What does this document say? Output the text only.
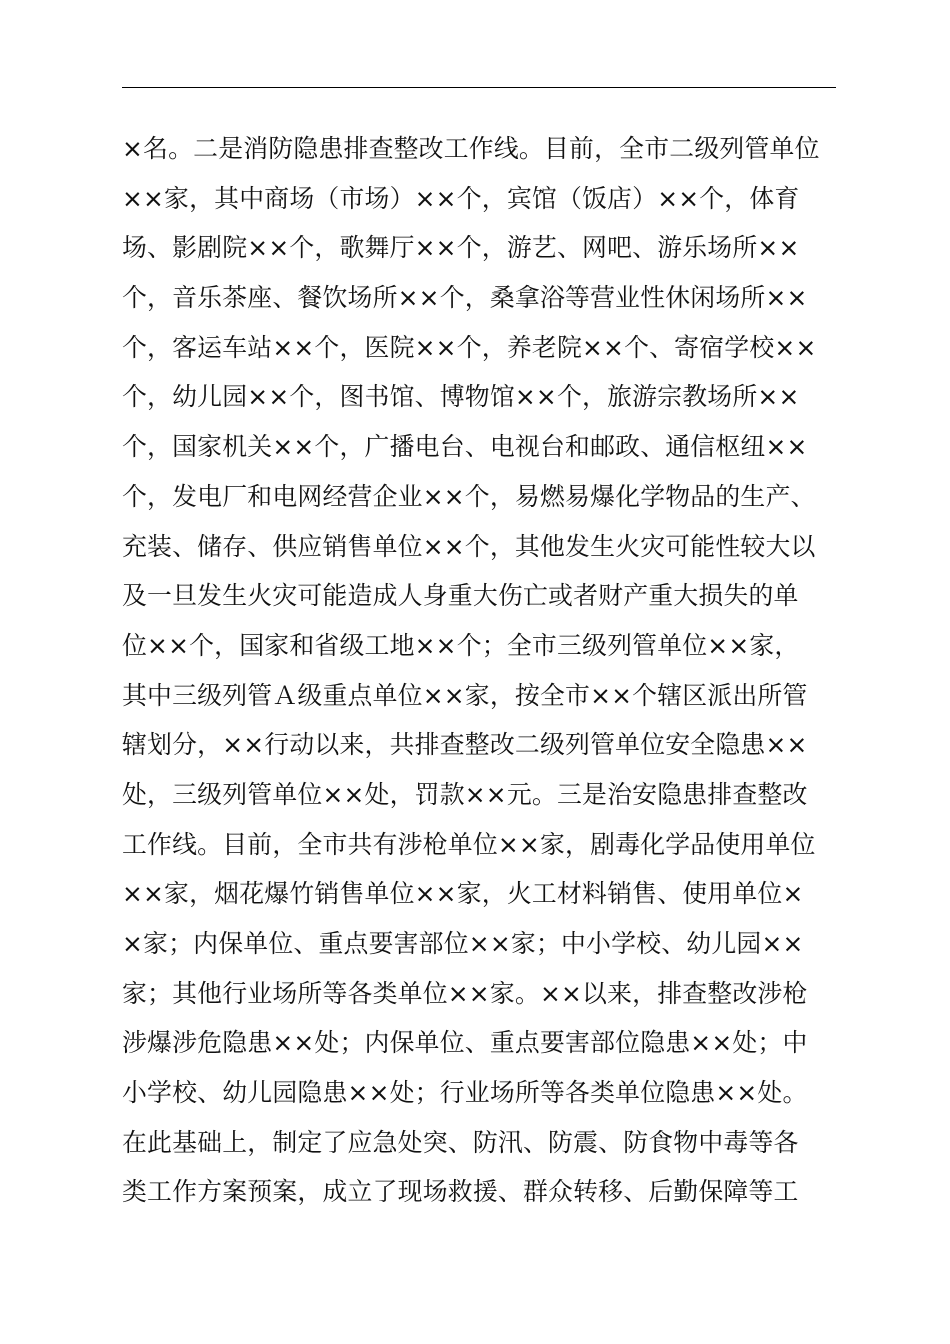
×名。二是消防隐患排查整改工作线。目前，全市二级列管单位
××家，其中商场（市场）××个，宾馆（饭店）××个，体育
场、影剧院××个，歌舞厅××个，游艺、网吧、游乐场所××
个，音乐茶座、餐饮场所××个，桑拿浴等营业性休闲场所××
个，客运车站××个，医院××个，养老院××个、寄宿学校××
个，幼儿园××个，图书馆、博物馆××个，旅游宗教场所××
个，国家机关××个，广播电台、电视台和邮政、通信枢纽××
个，发电厂和电网经营企业××个，易燃易爆化学物品的生产、
充装、储存、供应销售单位××个，其他发生火灾可能性较大以
及一旦发生火灾可能造成人身重大伤亡或者财产重大损失的单
位××个，国家和省级工地××个；全市三级列管单位××家，
其中三级列管Ａ级重点单位××家，按全市××个辖区派出所管
辖划分，××行动以来，共排查整改二级列管单位安全隐患××
处，三级列管单位××处，罚款××元。三是治安隐患排查整改
工作线。目前，全市共有涉枪单位××家，剧毒化学品使用单位
××家，烟花爆竹销售单位××家，火工材料销售、使用单位×
×家；内保单位、重点要害部位××家；中小学校、幼儿园××
家；其他行业场所等各类单位××家。××以来，排查整改涉枪
涉爆涉危隐患××处；内保单位、重点要害部位隐患××处；中
小学校、幼儿园隐患××处；行业场所等各类单位隐患××处。
在此基础上，制定了应急处突、防汛、防震、防食物中毒等各
类工作方案预案，成立了现场救援、群众转移、后勤保障等工
